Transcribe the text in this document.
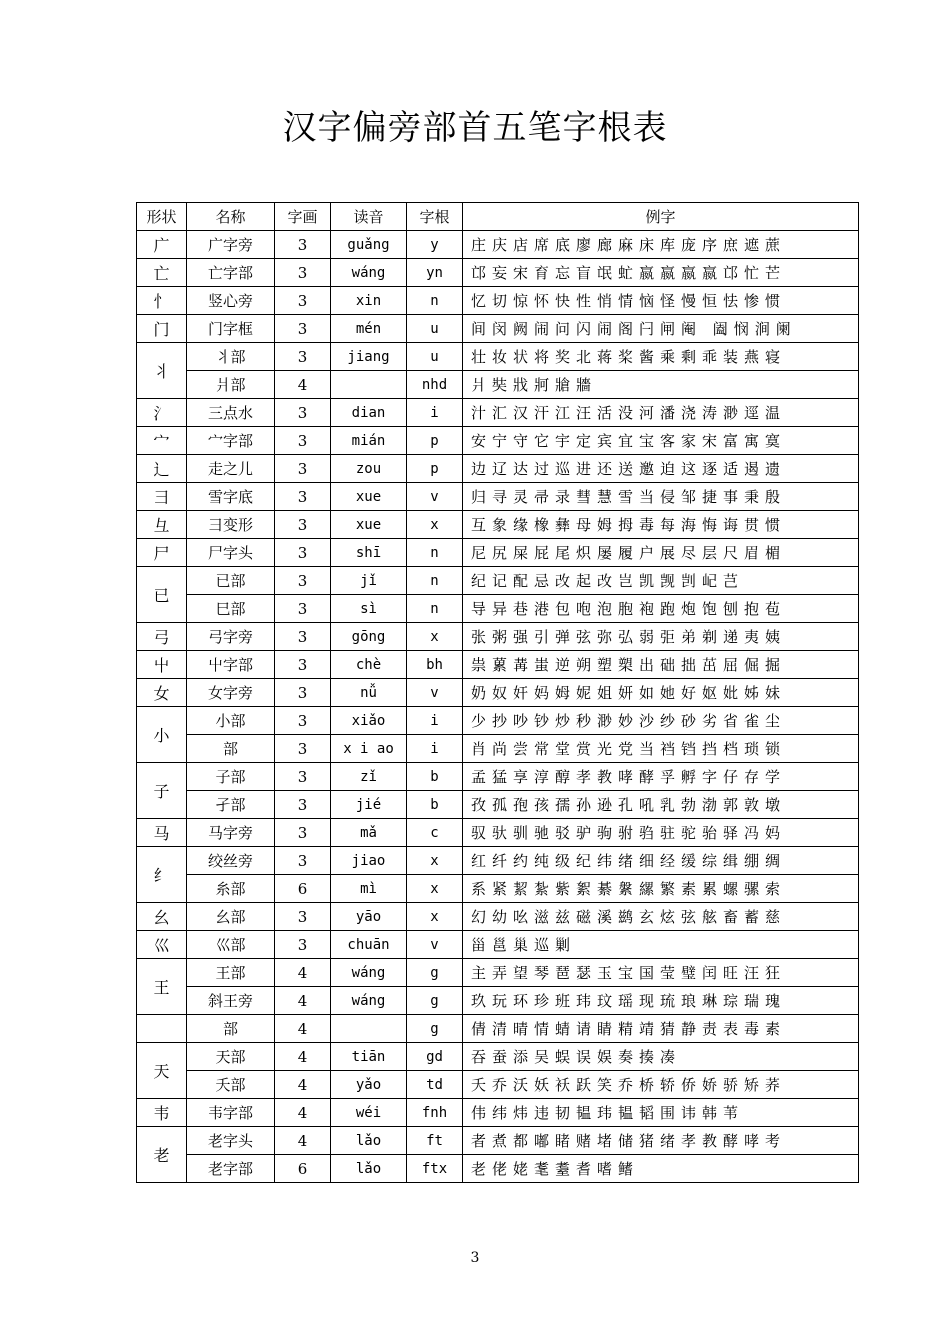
汉字偏旁部首五笔字根表
形状	名称	字画	读音	字根	例字
广	广字旁	3	guǎng	y	庄庆店席底廖廊麻床库庞序庶遮蔗
亡	亡字部	3	wáng	yn	邙妄宋育忘盲氓虻嬴嬴嬴嬴邙忙芒
忄	竖心旁	3	xin	n	忆切惊怀快性悄情恼怪慢恒怯惨惯
门	门字框	3	mén	u	间闵阙闹问闪闹阁闩闸阉 阖悯涧阑
丬	丬部	3	jiang	u	壮妆状将奖北蒋桨酱乘剩乖装燕寝
	爿部	4		nhd	爿奘戕牁牄牆
氵	三点水	3	dian	i	汁汇汉汗江汪活没河潘浇涛渺逕温
宀	宀字部	3	mián	p	安宁守它宇定宾宜宝客家宋富寓寞
辶	走之儿	3	zou	p	边辽达过巡进还送邀迫这逐适遏遗
彐	雪字底	3	xue	v	归寻灵帚录彗慧雪当侵邹捷事秉殷
彑	彐变形	3	xue	x	互象缘橡彝母姆拇毒每海悔诲贯惯
尸	尸字头	3	shī	n	尼尻屎屁尾炽屡履户展尽层尺眉楣
已	已部	3	jǐ	n	纪记配忌改起改岂凯觊剀屺芑
	巳部	3	sì	n	导异巷港包咆泡胞袍跑炮饱刨抱苞
弓	弓字旁	3	gōng	x	张粥强引弹弦弥弘弱弡弟剃递夷姨
屮	屮字部	3	chè	bh	祟蔂冓蚩逆朔塑槊出础拙茁屈倔掘
女	女字旁	3	nǚ	v	奶奴奸妈姆妮姐妍如她好妪妣姊妹
小	小部	3	xiǎo	i	少抄吵钞炒秒渺妙沙纱砂劣省雀尘
	部	3	x i ao	i	肖尚尝常堂赏光党当裆铛挡档琐锁
子	子部	3	zǐ	b	孟猛享淳醇孝教哮酵孚孵字仔存学
	孑部	3	jié	b	孜孤孢孩孺孙逊孔吼乳勃渤郭敦墩
马	马字旁	3	mǎ	c	驭驮驯驰驳驴驹驸驺驻驼骀驿冯妈
纟	绞丝旁	3	jiao	x	红纤约纯级纪纬绪细经缓综缉绷绸
	糸部	6	mì	x	系紧絜紮紫絮綦縏縲繁素累螺骡索
幺	幺部	3	yāo	x	幻幼吆滋兹磁溪鹚玄炫弦舷畜蓄慈
巛	巛部	3	chuān	v	甾邕巢巡剿
王	王部	4	wáng	g	主弄望琴琶瑟玉宝国莹璧闰旺汪狂
	斜王旁	4	wáng	g	玖玩环珍班玮玟瑶现琉琅琳琮瑞瑰
	部	4		g	倩清晴情蜻请睛精靖猜静责表毒素
天	天部	4	tiān	gd	吞蚕添吴蜈误娱奏揍凑
	夭部	4	yǎo	td	夭乔沃妖袄跃笑乔桥轿侨娇骄矫荞
韦	韦字部	4	wéi	fnh	伟纬炜违韧韫玮韫韬围讳韩苇
老	老字头	4	lǎo	ft	者煮都嘟睹赌堵储猪绪孝教酵哮考
	老字部	6	lǎo	ftx	老佬姥耄耋耆嗜鳍
3
